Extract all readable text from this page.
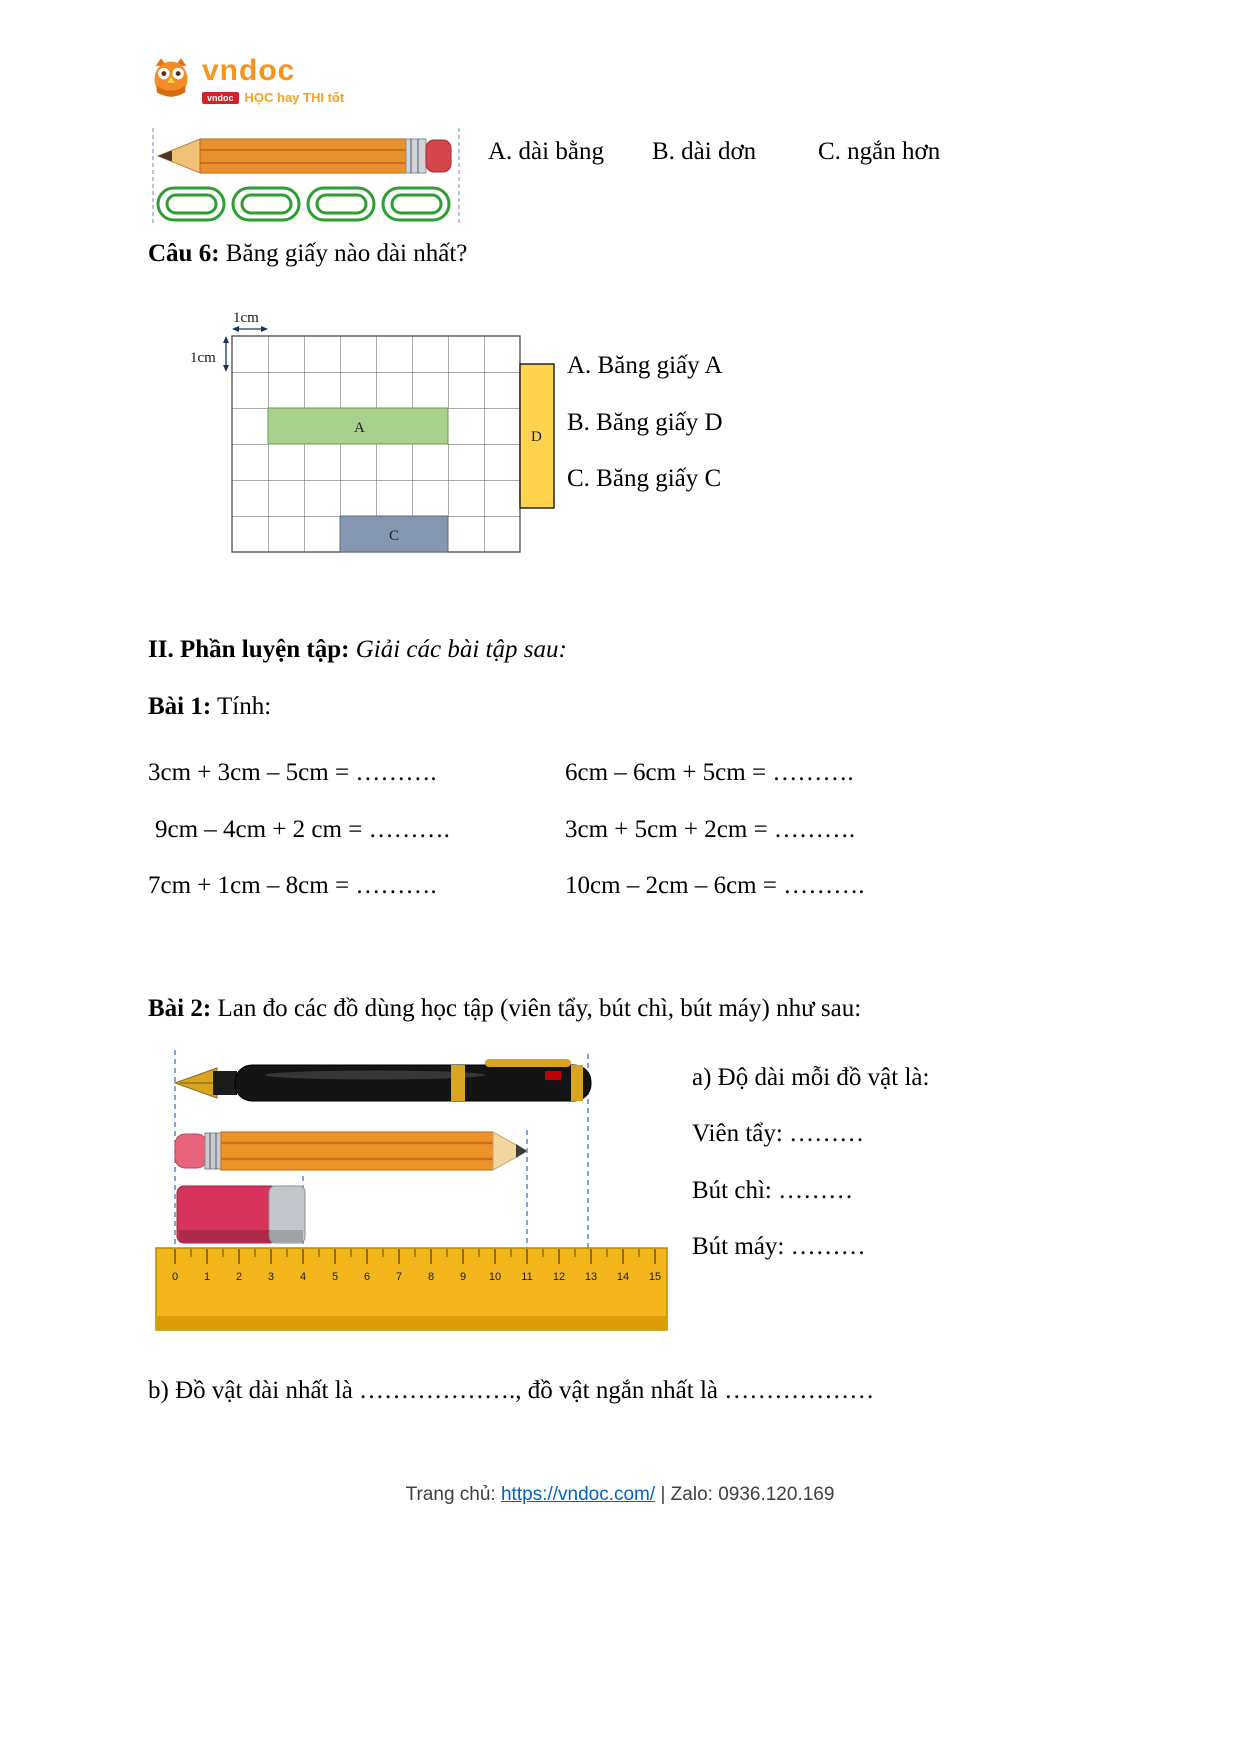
vndoc
vndoc HỌC hay THI tốt
A. dài bằng B. dài dơn C. ngắn hơn
Câu 6: Băng giấy nào dài nhất?
1cm
1cm
A
D
C
A. Băng giấy A
B. Băng giấy D
C. Băng giấy C
II. Phần luyện tập: Giải các bài tập sau:
Bài 1: Tính:
3cm + 3cm – 5cm = ……….	6cm – 6cm + 5cm = ……….
9cm – 4cm + 2 cm = ……….	3cm + 5cm + 2cm = ……….
7cm + 1cm – 8cm = ……….	10cm – 2cm – 6cm = ……….
Bài 2: Lan đo các đồ dùng học tập (viên tẩy, bút chì, bút máy) như sau:
0 1 2 3 4 5 6 7 8 9 10 11 12 13 14 15
a) Độ dài mỗi đồ vật là:
Viên tẩy: ………
Bút chì: ………
Bút máy: ………
b) Đồ vật dài nhất là ………………., đồ vật ngắn nhất là ………………
Trang chủ: https://vndoc.com/ | Zalo: 0936.120.169
